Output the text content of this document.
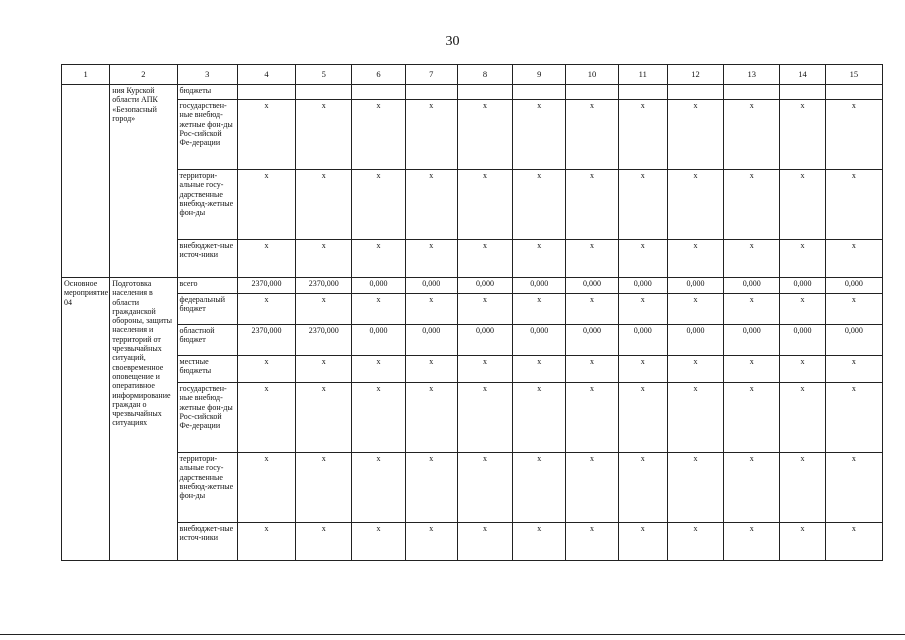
30
1	2	3	4	5	6	7	8	9	10	11	12	13	14	15
	ния Курской области АПК «Безопасный город»	бюджеты												
		государствен-ные внебюд-жетные фон-ды Рос-сийской Фе-дерации	x	x	x	x	x	x	x	x	x	x	x	x
		территори-альные госу-дарственные внебюд-жетные фон-ды	x	x	x	x	x	x	x	x	x	x	x	x
		внебюджет-ные источ-ники	x	x	x	x	x	x	x	x	x	x	x	x
Основное мероприятие 04	Подготовка населения в области гражданской обороны, защиты населения и территорий от чрезвычайных ситуаций, своевременное оповещение и оперативное информирование граждан о чрезвычайных ситуациях	всего	2370,000	2370,000	0,000	0,000	0,000	0,000	0,000	0,000	0,000	0,000	0,000	0,000
		федеральный бюджет	x	x	x	x	x	x	x	x	x	x	x	x
		областной бюджет	2370,000	2370,000	0,000	0,000	0,000	0,000	0,000	0,000	0,000	0,000	0,000	0,000
		местные бюджеты	x	x	x	x	x	x	x	x	x	x	x	x
		государствен-ные внебюд-жетные фон-ды Рос-сийской Фе-дерации	x	x	x	x	x	x	x	x	x	x	x	x
		территори-альные госу-дарственные внебюд-жетные фон-ды	x	x	x	x	x	x	x	x	x	x	x	x
		внебюджет-ные источ-ники	x	x	x	x	x	x	x	x	x	x	x	x
